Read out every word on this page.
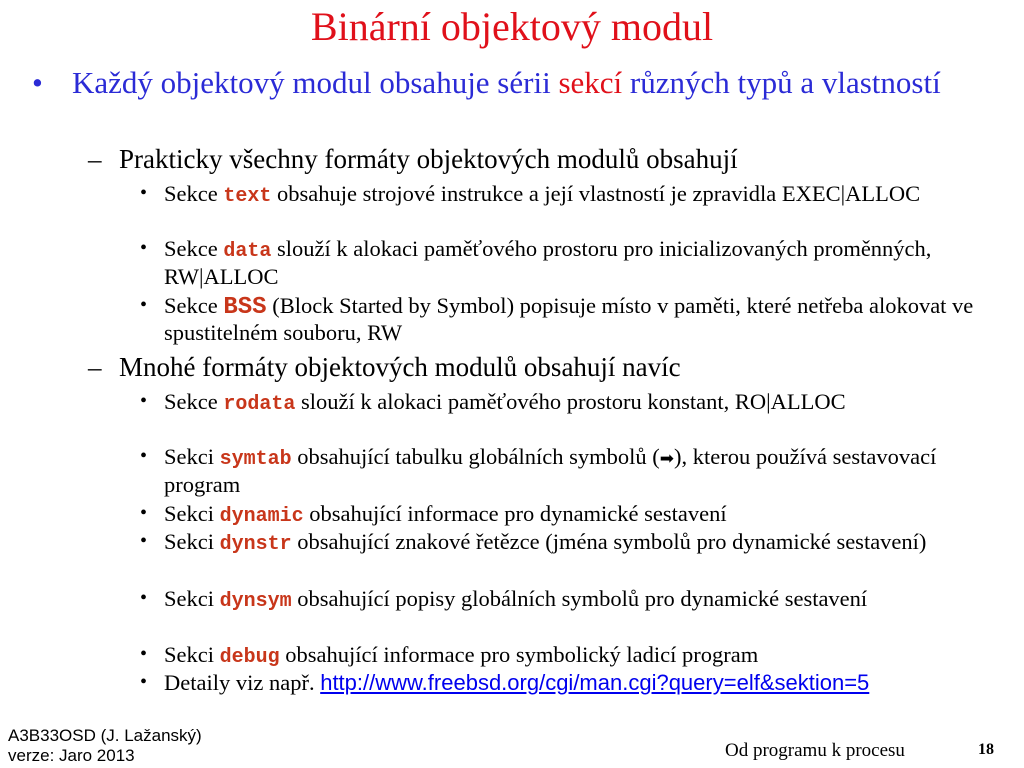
Binární objektový modul
• Každý objektový modul obsahuje sérii sekcí různých typů a vlastností
– Prakticky všechny formáty objektových modulů obsahují
• Sekce text obsahuje strojové instrukce a její vlastností je zpravidla EXEC|ALLOC
• Sekce data slouží k alokaci paměťového prostoru pro inicializovaných proměnných, RW|ALLOC
• Sekce BSS (Block Started by Symbol) popisuje místo v paměti, které netřeba alokovat ve spustitelném souboru, RW
– Mnohé formáty objektových modulů obsahují navíc
• Sekce rodata slouží k alokaci paměťového prostoru konstant, RO|ALLOC
• Sekci symtab obsahující tabulku globálních symbolů (➡), kterou používá sestavovací program
• Sekci dynamic obsahující informace pro dynamické sestavení
• Sekci dynstr obsahující znakové řetězce (jména symbolů pro dynamické sestavení)
• Sekci dynsym obsahující popisy globálních symbolů pro dynamické sestavení
• Sekci debug obsahující informace pro symbolický ladicí program
• Detaily viz např. http://www.freebsd.org/cgi/man.cgi?query=elf&sektion=5
A3B33OSD (J. Lažanský)
verze: Jaro 2013	Od programu k procesu	18
